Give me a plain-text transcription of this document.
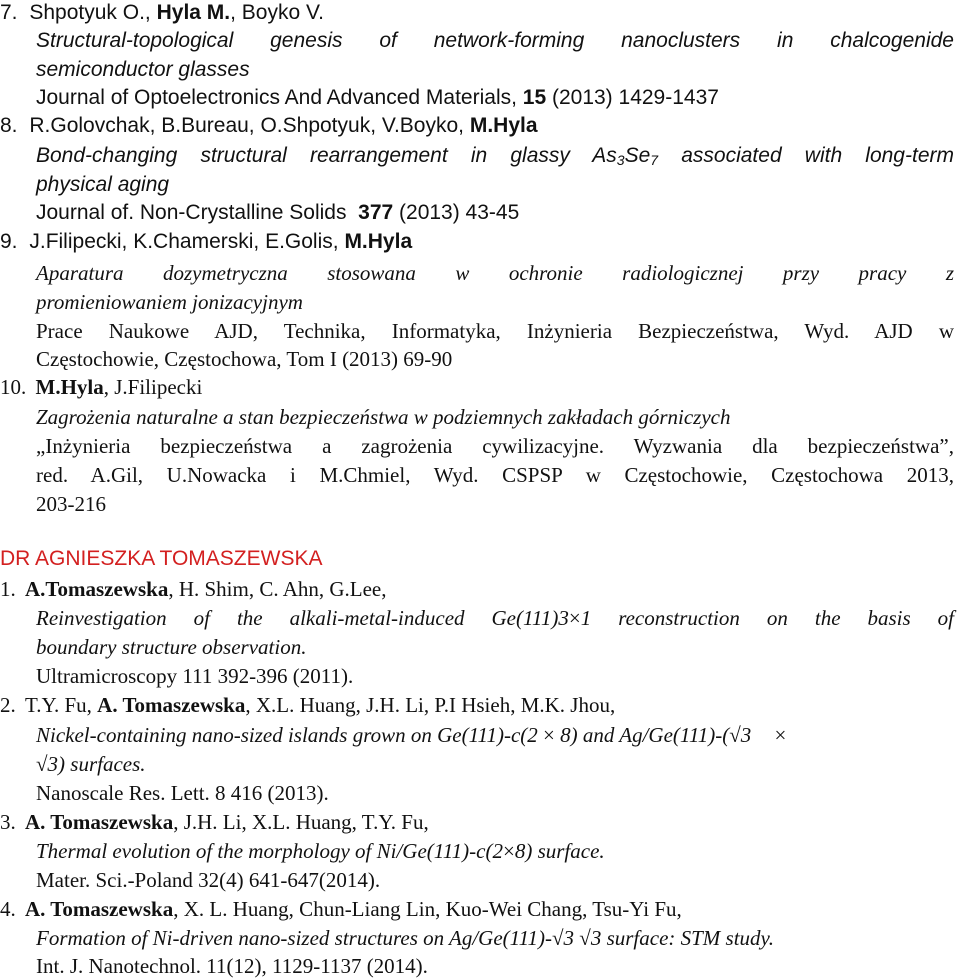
7. Shpotyuk O., Hyla M., Boyko V.
Structural-topological   genesis   of   network-forming   nanoclusters   in   chalcogenide
semiconductor glasses
Journal of Optoelectronics And Advanced Materials, 15 (2013) 1429-1437
8. R.Golovchak, B.Bureau, O.Shpotyuk, V.Boyko, M.Hyla
Bond-changing  structural  rearrangement  in  glassy  $As_3Se_7$  associated  with  long-term
physical aging
Journal of. Non-Crystalline Solids  377 (2013) 43-45
9. J.Filipecki, K.Chamerski, E.Golis, M.Hyla
Aparatura  dozymetryczna  stosowana  w  ochronie  radiologicznej  przy  pracy  z
promieniowaniem jonizacyjnym
Prace Naukowe AJD, Technika, Informatyka, Inżynieria Bezpieczeństwa, Wyd. AJD w
Częstochowie, Częstochowa, Tom I (2013) 69-90
10. M.Hyla, J.Filipecki
Zagrożenia naturalne a stan bezpieczeństwa w podziemnych zakładach górniczych
„Inżynieria bezpieczeństwa a zagrożenia cywilizacyjne. Wyzwania dla bezpieczeństwa”,
red. A.Gil, U.Nowacka i M.Chmiel, Wyd. CSPSP w Częstochowie, Częstochowa 2013,
203-216
DR AGNIESZKA TOMASZEWSKA
1. A.Tomaszewska, H. Shim, C. Ahn, G.Lee,
Reinvestigation of the alkali-metal-induced Ge(111)3×1 reconstruction on the basis of
boundary structure observation.
Ultramicroscopy 111 392-396 (2011).
2. T.Y. Fu, A. Tomaszewska, X.L. Huang, J.H. Li, P.I Hsieh, M.K. Jhou,
Nickel-containing nano-sized islands grown on Ge(111)-c(2 × 8) and Ag/Ge(111)-(√3 ×
√3) surfaces.
Nanoscale Res. Lett. 8 416 (2013).
3. A. Tomaszewska, J.H. Li, X.L. Huang, T.Y. Fu,
Thermal evolution of the morphology of Ni/Ge(111)-c(2×8) surface.
Mater. Sci.-Poland 32(4) 641-647(2014).
4. A. Tomaszewska, X. L. Huang, Chun-Liang Lin, Kuo-Wei Chang, Tsu-Yi Fu,
Formation of Ni-driven nano-sized structures on Ag/Ge(111)-√3 √3 surface: STM study.
Int. J. Nanotechnol. 11(12), 1129-1137 (2014).
